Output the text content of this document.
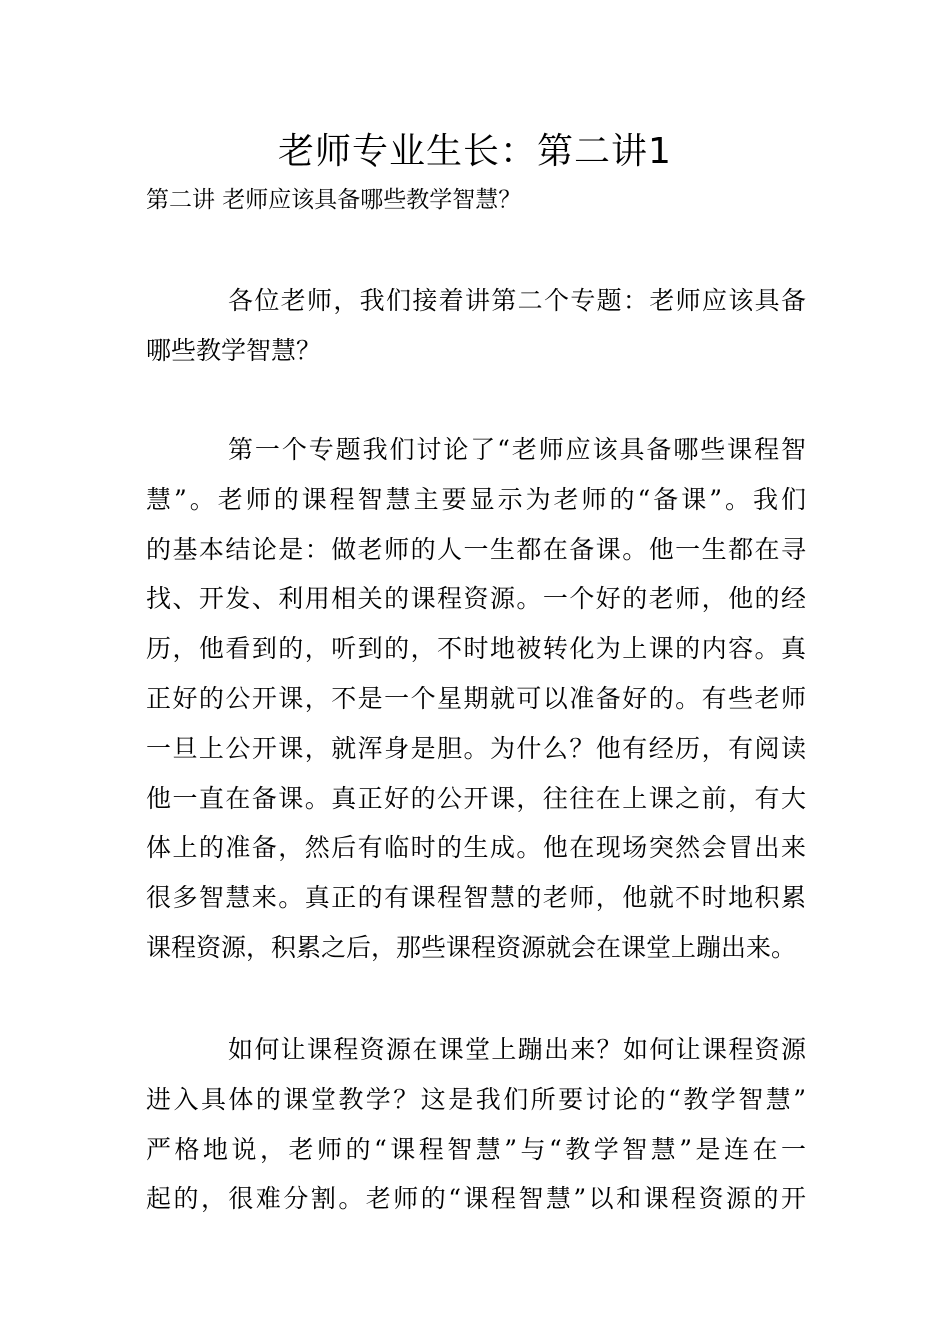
老师专业生长：第二讲1

第二讲 老师应该具备哪些教学智慧？

各位老师，我们接着讲第二个专题：老师应该具备
哪些教学智慧？
第一个专题我们讨论了“老师应该具备哪些课程智
慧”。老师的课程智慧主要显示为老师的“备课”。我们
的基本结论是：做老师的人一生都在备课。他一生都在寻
找、开发、利用相关的课程资源。一个好的老师，他的经
历，他看到的，听到的，不时地被转化为上课的内容。真
正好的公开课，不是一个星期就可以准备好的。有些老师
一旦上公开课，就浑身是胆。为什么？他有经历，有阅读
他一直在备课。真正好的公开课，往往在上课之前，有大
体上的准备，然后有临时的生成。他在现场突然会冒出来
很多智慧来。真正的有课程智慧的老师，他就不时地积累
课程资源，积累之后，那些课程资源就会在课堂上蹦出来。
如何让课程资源在课堂上蹦出来？如何让课程资源
进入具体的课堂教学？这是我们所要讨论的“教学智慧”
严格地说，老师的“课程智慧”与“教学智慧”是连在一
起的，很难分割。老师的“课程智慧”以和课程资源的开
